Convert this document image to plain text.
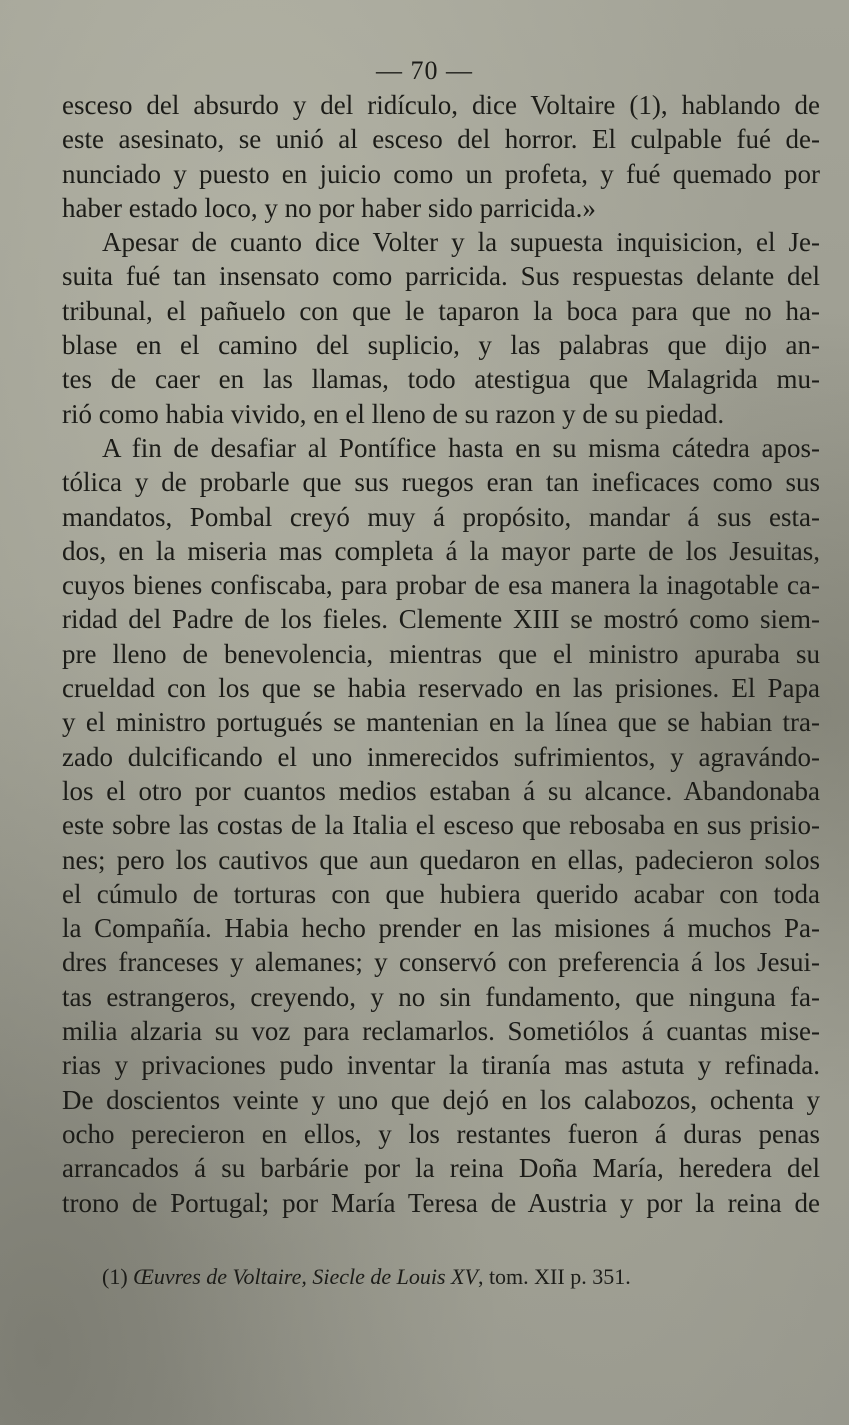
— 70 —
esceso del absurdo y del ridículo, dice Voltaire (1), hablando de
este asesinato, se unió al esceso del horror. El culpable fué de-
nunciado y puesto en juicio como un profeta, y fué quemado por
haber estado loco, y no por haber sido parricida.»
Apesar de cuanto dice Volter y la supuesta inquisicion, el Je-
suita fué tan insensato como parricida. Sus respuestas delante del
tribunal, el pañuelo con que le taparon la boca para que no ha-
blase en el camino del suplicio, y las palabras que dijo an-
tes de caer en las llamas, todo atestigua que Malagrida mu-
rió como habia vivido, en el lleno de su razon y de su piedad.
A fin de desafiar al Pontífice hasta en su misma cátedra apos-
tólica y de probarle que sus ruegos eran tan ineficaces como sus
mandatos, Pombal creyó muy á propósito, mandar á sus esta-
dos, en la miseria mas completa á la mayor parte de los Jesuitas,
cuyos bienes confiscaba, para probar de esa manera la inagotable ca-
ridad del Padre de los fieles. Clemente XIII se mostró como siem-
pre lleno de benevolencia, mientras que el ministro apuraba su
crueldad con los que se habia reservado en las prisiones. El Papa
y el ministro portugués se mantenian en la línea que se habian tra-
zado dulcificando el uno inmerecidos sufrimientos, y agravándo-
los el otro por cuantos medios estaban á su alcance. Abandonaba
este sobre las costas de la Italia el esceso que rebosaba en sus prisio-
nes; pero los cautivos que aun quedaron en ellas, padecieron solos
el cúmulo de torturas con que hubiera querido acabar con toda
la Compañía. Habia hecho prender en las misiones á muchos Pa-
dres franceses y alemanes; y conservó con preferencia á los Jesui-
tas estrangeros, creyendo, y no sin fundamento, que ninguna fa-
milia alzaria su voz para reclamarlos. Sometiólos á cuantas mise-
rias y privaciones pudo inventar la tiranía mas astuta y refinada.
De doscientos veinte y uno que dejó en los calabozos, ochenta y
ocho perecieron en ellos, y los restantes fueron á duras penas
arrancados á su barbárie por la reina Doña María, heredera del
trono de Portugal; por María Teresa de Austria y por la reina de
(1) Œuvres de Voltaire, Siecle de Louis XV, tom. XII p. 351.
